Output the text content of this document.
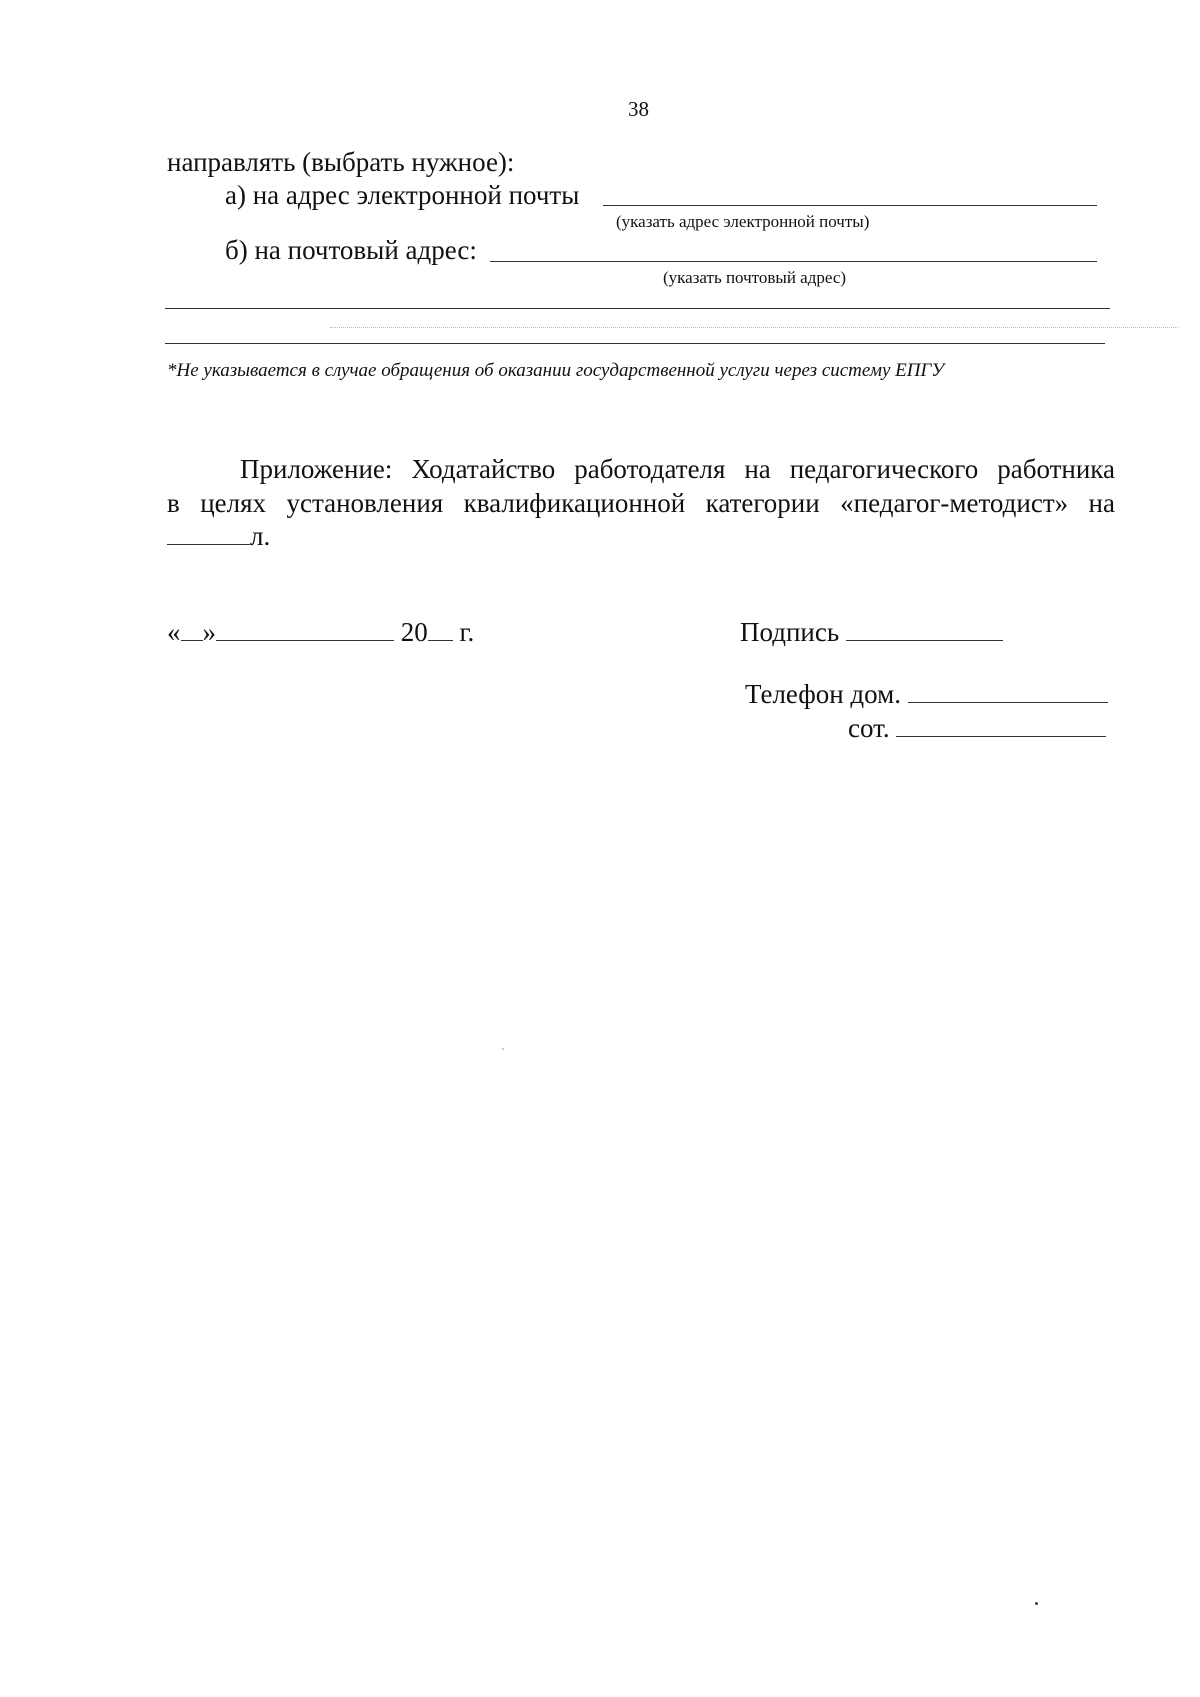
38
направлять (выбрать нужное):
а) на адрес электронной почты
(указать адрес электронной почты)
б) на почтовый адрес:
(указать почтовый адрес)
*Не указывается в случае обращения об оказании государственной услуги через систему ЕПГУ
Приложение: Ходатайство работодателя на педагогического работника
в целях установления квалификационной категории «педагог-методист» на
л.
« »	20 г.	Подпись
Телефон дом.
сот.
